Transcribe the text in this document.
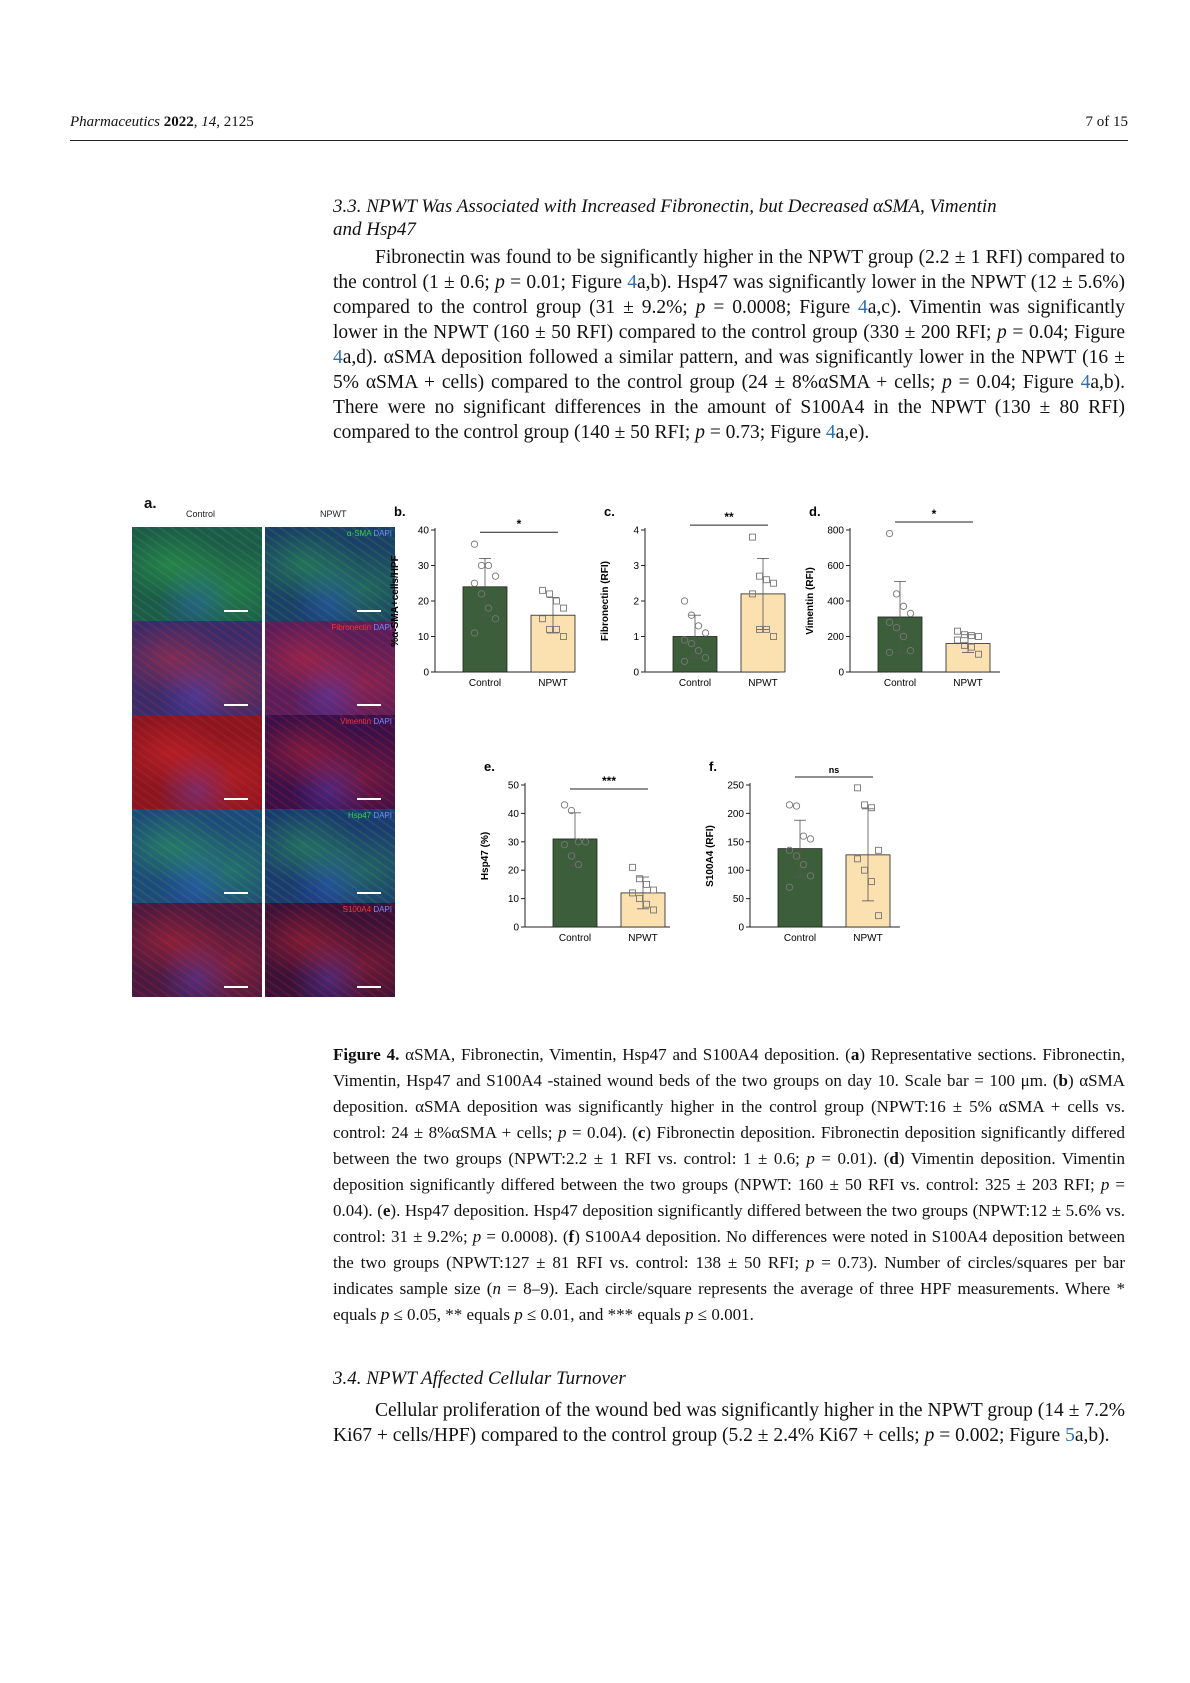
Pharmaceutics 2022, 14, 2125	7 of 15
3.3. NPWT Was Associated with Increased Fibronectin, but Decreased αSMA, Vimentin
and Hsp47

Fibronectin was found to be significantly higher in the NPWT group (2.2 ± 1 RFI) compared to the control (1 ± 0.6; p = 0.01; Figure 4a,b). Hsp47 was significantly lower in the NPWT (12 ± 5.6%) compared to the control group (31 ± 9.2%; p = 0.0008; Figure 4a,c). Vimentin was significantly lower in the NPWT (160 ± 50 RFI) compared to the control group (330 ± 200 RFI; p = 0.04; Figure 4a,d). αSMA deposition followed a similar pattern, and was significantly lower in the NPWT (16 ± 5% αSMA + cells) compared to the control group (24 ± 8%αSMA + cells; p = 0.04; Figure 4a,b). There were no significant differences in the amount of S100A4 in the NPWT (130 ± 80 RFI) compared to the control group (140 ± 50 RFI; p = 0.73; Figure 4a,e).

a.
Control	NPWT
α-SMA DAPI
Fibronectin DAPI
Vimentin DAPI
Hsp47 DAPI
S100A4 DAPI
b.
%α-SMA+cells/HPF
0
10
20
30
40
Control	NPWT
*
c.
Fibronectin (RFI)
0
1
2
3
4
Control	NPWT
**	d.
Vimentin (RFI)
0
200
400
600
800
Control	NPWT
*
e.
Hsp47 (%)
0
10
20
30
40
50
Control	NPWT
***
f.
S100A4 (RFI)
0
50
100
150
200
250
Control	NPWT
ns

Figure 4. αSMA, Fibronectin, Vimentin, Hsp47 and S100A4 deposition. (a) Representative sections. Fibronectin, Vimentin, Hsp47 and S100A4 -stained wound beds of the two groups on day 10. Scale bar = 100 μm. (b) αSMA deposition. αSMA deposition was significantly higher in the control group (NPWT:16 ± 5% αSMA + cells vs. control: 24 ± 8%αSMA + cells; p = 0.04). (c) Fibronectin deposition. Fibronectin deposition significantly differed between the two groups (NPWT:2.2 ± 1 RFI vs. control: 1 ± 0.6; p = 0.01). (d) Vimentin deposition. Vimentin deposition significantly differed between the two groups (NPWT: 160 ± 50 RFI vs. control: 325 ± 203 RFI; p = 0.04). (e). Hsp47 deposition. Hsp47 deposition significantly differed between the two groups (NPWT:12 ± 5.6% vs. control: 31 ± 9.2%; p = 0.0008). (f) S100A4 deposition. No differences were noted in S100A4 deposition between the two groups (NPWT:127 ± 81 RFI vs. control: 138 ± 50 RFI; p = 0.73). Number of circles/squares per bar indicates sample size (n = 8–9). Each circle/square represents the average of three HPF measurements. Where * equals p ≤ 0.05, ** equals p ≤ 0.01, and *** equals p ≤ 0.001.

3.4. NPWT Affected Cellular Turnover

Cellular proliferation of the wound bed was significantly higher in the NPWT group (14 ± 7.2% Ki67 + cells/HPF) compared to the control group (5.2 ± 2.4% Ki67 + cells; p = 0.002; Figure 5a,b).
